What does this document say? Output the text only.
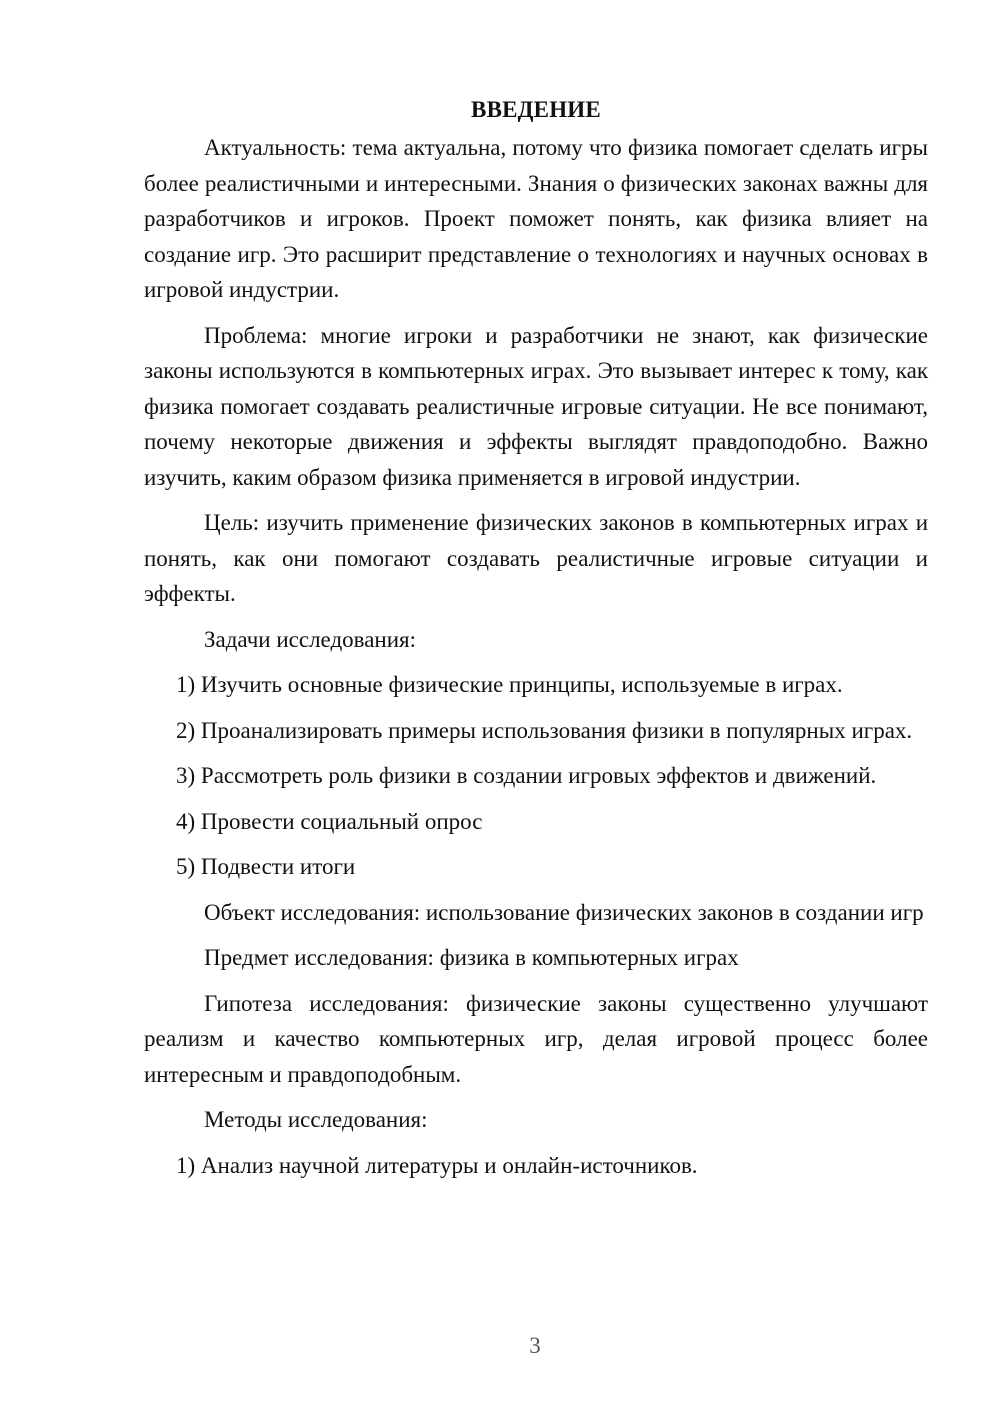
ВВЕДЕНИЕ

Актуальность: тема актуальна, потому что физика помогает сделать игры более реалистичными и интересными. Знания о физических законах важны для разработчиков и игроков. Проект поможет понять, как физика влияет на создание игр. Это расширит представление о технологиях и научных основах в игровой индустрии.

Проблема: многие игроки и разработчики не знают, как физические законы используются в компьютерных играх. Это вызывает интерес к тому, как физика помогает создавать реалистичные игровые ситуации. Не все понимают, почему некоторые движения и эффекты выглядят правдоподобно. Важно изучить, каким образом физика применяется в игровой индустрии.

Цель: изучить применение физических законов в компьютерных играх и понять, как они помогают создавать реалистичные игровые ситуации и эффекты.

Задачи исследования:

1) Изучить основные физические принципы, используемые в играх.

2) Проанализировать примеры использования физики в популярных играх.

3) Рассмотреть роль физики в создании игровых эффектов и движений.

4) Провести социальный опрос

5) Подвести итоги

Объект исследования: использование физических законов в создании игр

Предмет исследования: физика в компьютерных играх

Гипотеза исследования: физические законы существенно улучшают реализм и качество компьютерных игр, делая игровой процесс более интересным и правдоподобным.

Методы исследования:

1) Анализ научной литературы и онлайн-источников.

3
